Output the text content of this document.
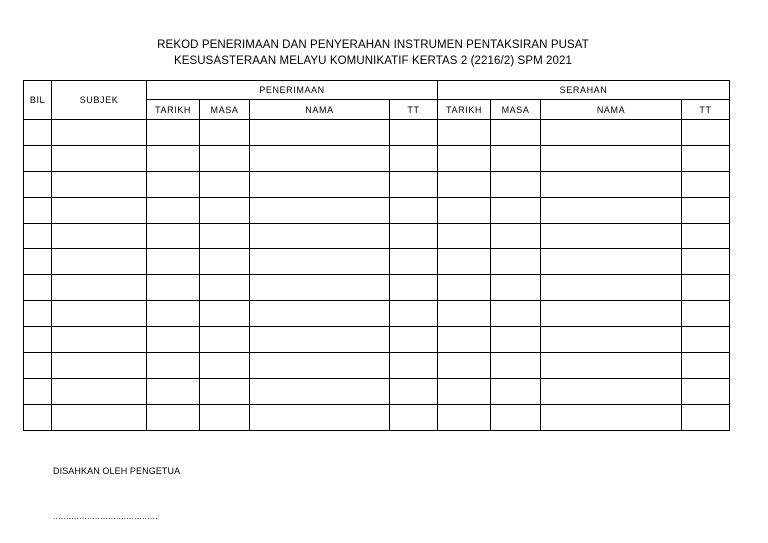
REKOD PENERIMAAN DAN PENYERAHAN INSTRUMEN PENTAKSIRAN PUSAT
KESUSASTERAAN MELAYU KOMUNIKATIF KERTAS 2 (2216/2) SPM 2021
BIL	SUBJEK	PENERIMAAN				SERAHAN			
		TARIKH	MASA	NAMA	TT	TARIKH	MASA	NAMA	TT

DISAHKAN OLEH PENGETUA
........................................
